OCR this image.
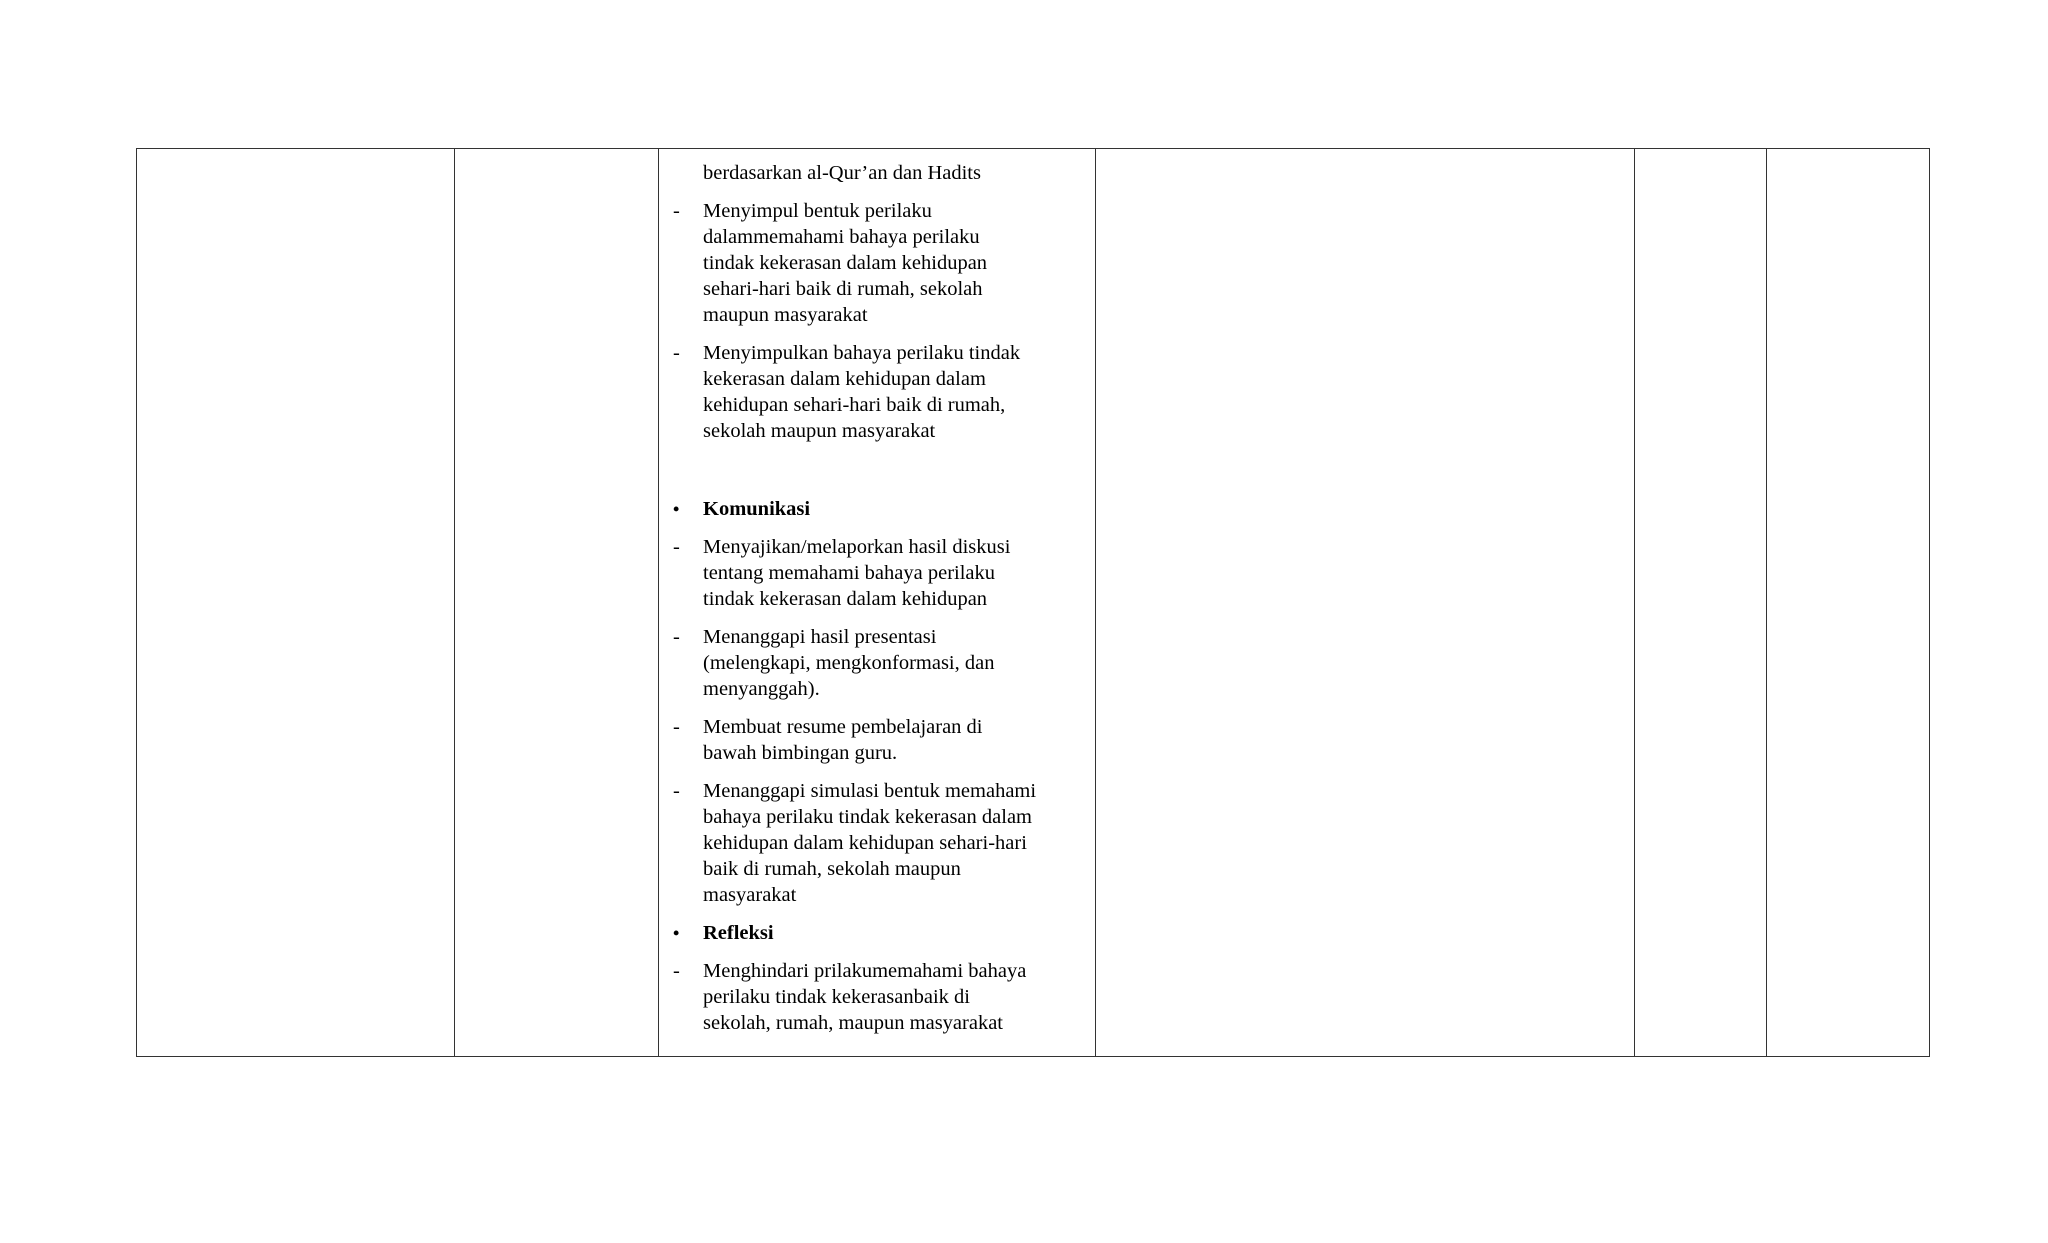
berdasarkan al-Qur’an dan Hadits
-	Menyimpul bentuk perilaku
dalammemahami bahaya perilaku
tindak kekerasan dalam kehidupan
sehari-hari baik di rumah, sekolah
maupun masyarakat
-	Menyimpulkan bahaya perilaku tindak
kekerasan dalam kehidupan dalam
kehidupan sehari-hari baik di rumah,
sekolah maupun masyarakat
•	Komunikasi
-	Menyajikan/melaporkan hasil diskusi
tentang memahami bahaya perilaku
tindak kekerasan dalam kehidupan
-	Menanggapi hasil presentasi
(melengkapi, mengkonformasi, dan
menyanggah).
-	Membuat resume pembelajaran di
bawah bimbingan guru.
-	Menanggapi simulasi bentuk memahami
bahaya perilaku tindak kekerasan dalam
kehidupan dalam kehidupan sehari-hari
baik di rumah, sekolah maupun
masyarakat
•	Refleksi
-	Menghindari prilakumemahami bahaya
perilaku tindak kekerasanbaik di
sekolah, rumah, maupun masyarakat
